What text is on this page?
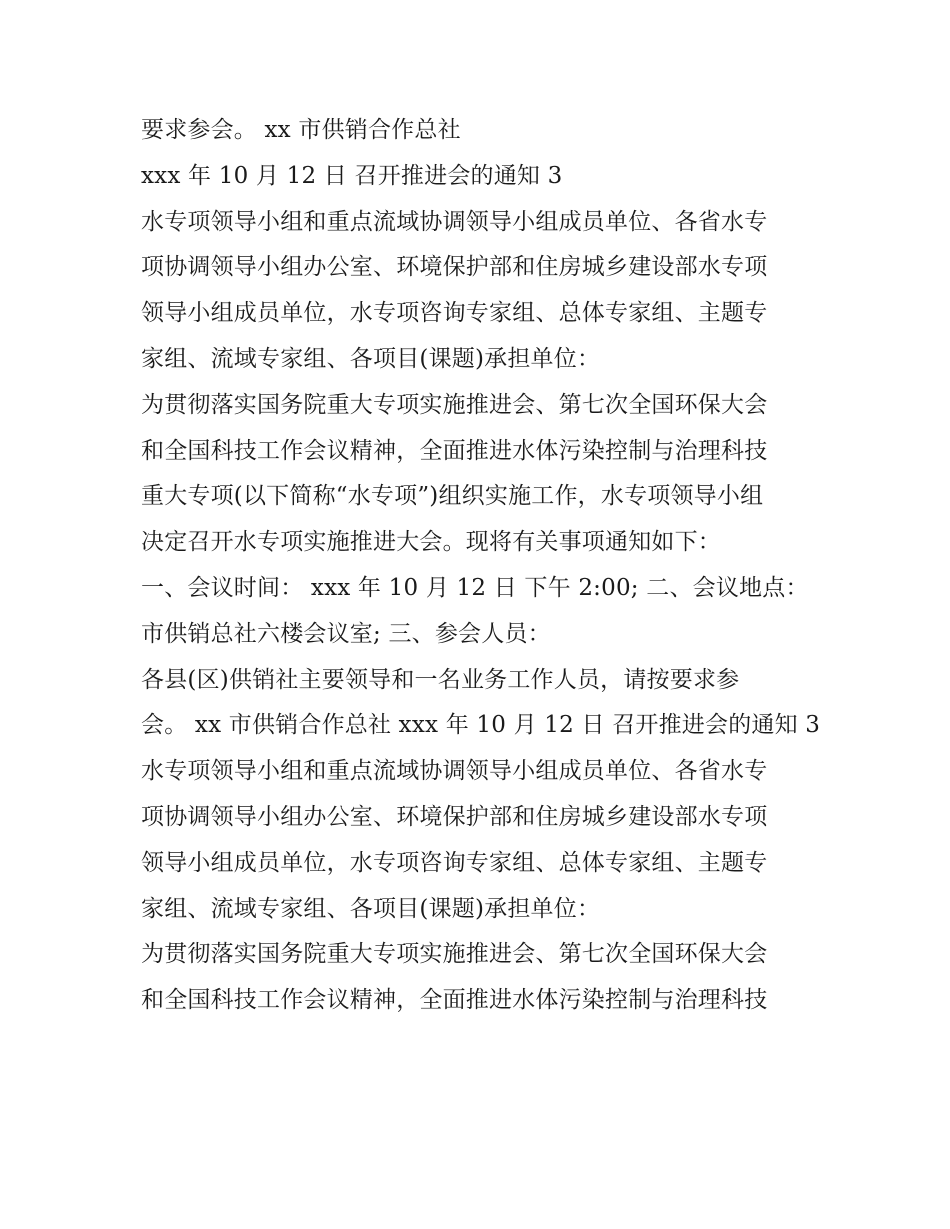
要求参会。 xx 市供销合作总社
xxx 年 10 月 12 日 召开推进会的通知 3
水专项领导小组和重点流域协调领导小组成员单位、各省水专
项协调领导小组办公室、环境保护部和住房城乡建设部水专项
领导小组成员单位，水专项咨询专家组、总体专家组、主题专
家组、流域专家组、各项目(课题)承担单位：
为贯彻落实国务院重大专项实施推进会、第七次全国环保大会
和全国科技工作会议精神，全面推进水体污染控制与治理科技
重大专项(以下简称“水专项”)组织实施工作，水专项领导小组
决定召开水专项实施推进大会。现将有关事项通知如下：
一、会议时间： xxx 年 10 月 12 日 下午 2:00; 二、会议地点：
市供销总社六楼会议室; 三、参会人员：
各县(区)供销社主要领导和一名业务工作人员，请按要求参
会。 xx 市供销合作总社 xxx 年 10 月 12 日 召开推进会的通知 3
水专项领导小组和重点流域协调领导小组成员单位、各省水专
项协调领导小组办公室、环境保护部和住房城乡建设部水专项
领导小组成员单位，水专项咨询专家组、总体专家组、主题专
家组、流域专家组、各项目(课题)承担单位：
为贯彻落实国务院重大专项实施推进会、第七次全国环保大会
和全国科技工作会议精神，全面推进水体污染控制与治理科技
